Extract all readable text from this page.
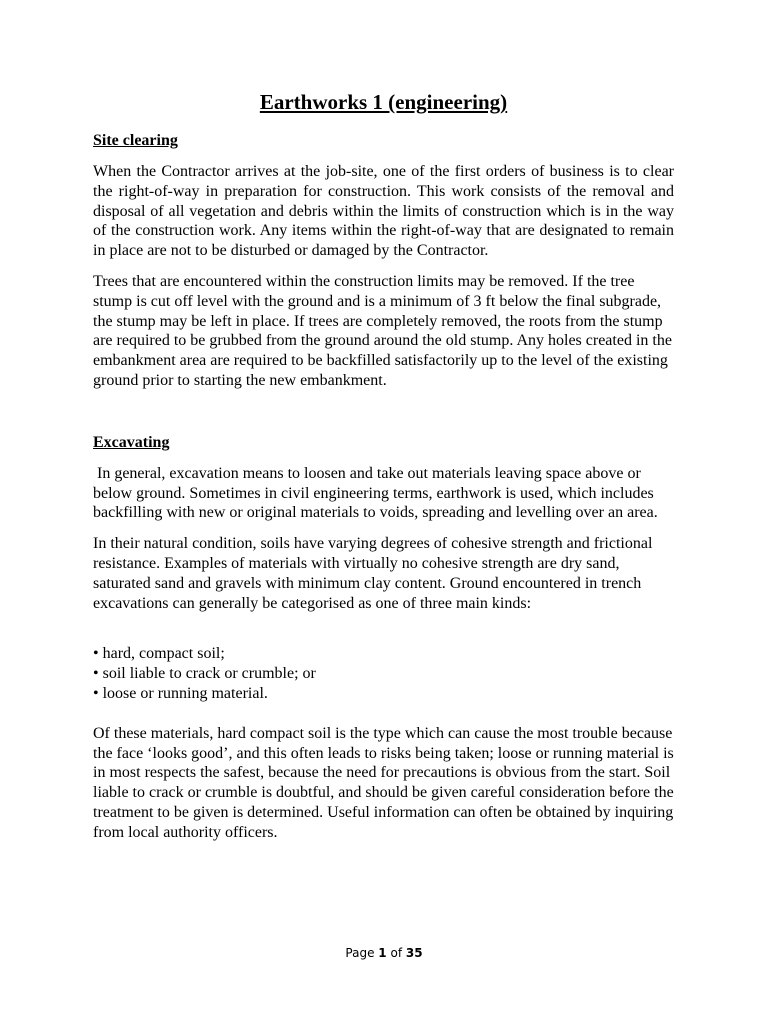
Earthworks 1 (engineering)
Site clearing

When the Contractor arrives at the job-site, one of the first orders of business is to clear the right-of-way in preparation for construction. This work consists of the removal and disposal of all vegetation and debris within the limits of construction which is in the way of the construction work. Any items within the right-of-way that are designated to remain in place are not to be disturbed or damaged by the Contractor.

Trees that are encountered within the construction limits may be removed. If the tree stump is cut off level with the ground and is a minimum of 3 ft below the final subgrade, the stump may be left in place. If trees are completely removed, the roots from the stump are required to be grubbed from the ground around the old stump. Any holes created in the embankment area are required to be backfilled satisfactorily up to the level of the existing ground prior to starting the new embankment.

Excavating

In general, excavation means to loosen and take out materials leaving space above or below ground. Sometimes in civil engineering terms, earthwork is used, which includes backfilling with new or original materials to voids, spreading and levelling over an area.

In their natural condition, soils have varying degrees of cohesive strength and frictional resistance. Examples of materials with virtually no cohesive strength are dry sand, saturated sand and gravels with minimum clay content. Ground encountered in trench excavations can generally be categorised as one of three main kinds:

• hard, compact soil;
• soil liable to crack or crumble; or
• loose or running material.

Of these materials, hard compact soil is the type which can cause the most trouble because the face ‘looks good’, and this often leads to risks being taken; loose or running material is in most respects the safest, because the need for precautions is obvious from the start. Soil liable to crack or crumble is doubtful, and should be given careful consideration before the treatment to be given is determined. Useful information can often be obtained by inquiring from local authority officers.

Page 1 of 35
